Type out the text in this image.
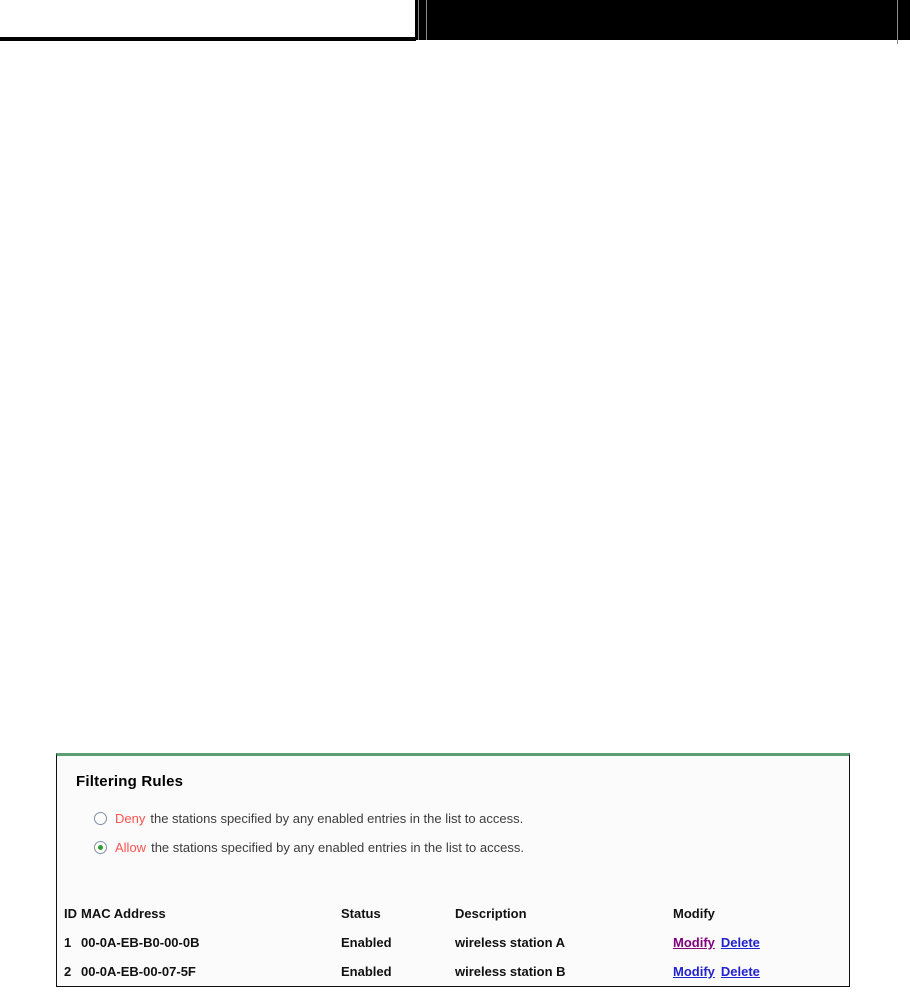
Filtering Rules
Deny the stations specified by any enabled entries in the list to access.
Allow the stations specified by any enabled entries in the list to access.
ID MAC Address	Status	Description	Modify
1 00-0A-EB-B0-00-0B	Enabled	wireless station A	Modify Delete
2 00-0A-EB-00-07-5F	Enabled	wireless station B	Modify Delete
